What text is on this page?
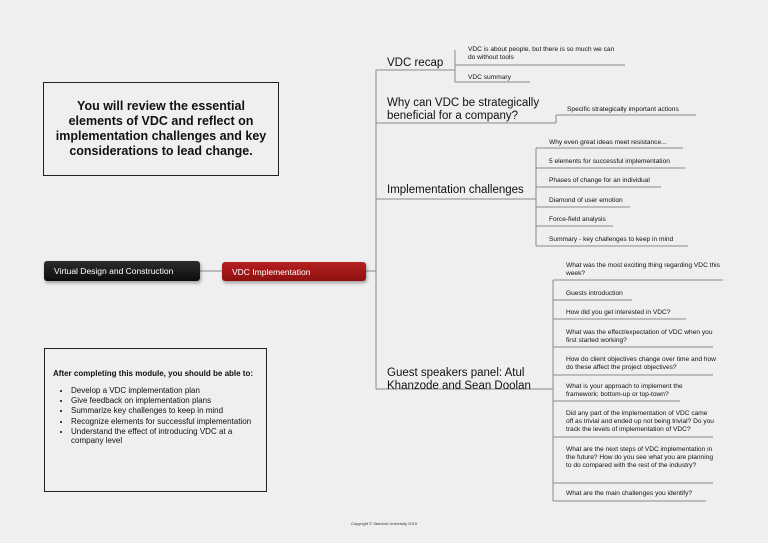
You will review the essential elements of VDC and reflect on implementation challenges and key considerations to lead change.
After completing this module, you should be able to:
• Develop a VDC implementation plan
• Give feedback on implementation plans
• Summarize key challenges to keep in mind
• Recognize elements for successful implementation
• Understand the effect of introducing VDC at a company level
Virtual Design and Construction	VDC Implementation
VDC recap
Why can VDC be strategically beneficial for a company?
Implementation challenges
Guest speakers panel: Atul Khanzode and Sean Doolan
VDC is about people, but there is so much we can do without tools
VDC summary
Specific strategically important actions
Why even great ideas meet resistance...
5 elements for successful implementation
Phases of change for an individual
Diamond of user emotion
Force-field analysis
Summary - key challenges to keep in mind
What was the most exciting thing regarding VDC this week?
Guests introduction
How did you get interested in VDC?
What was the effect/expectation of VDC when you first started working?
How do client objectives change over time and how do these affect the project objectives?
What is your approach to implement the framework: bottom-up or top-town?
Did any part of the implementation of VDC came off as trivial and ended up not being trivial? Do you track the levels of implementation of VDC?
What are the next steps of VDC implementation in the future? How do you see what you are planning to do compared with the rest of the industry?
What are the main challenges you identify?
Copyright © Stanford University 2019
